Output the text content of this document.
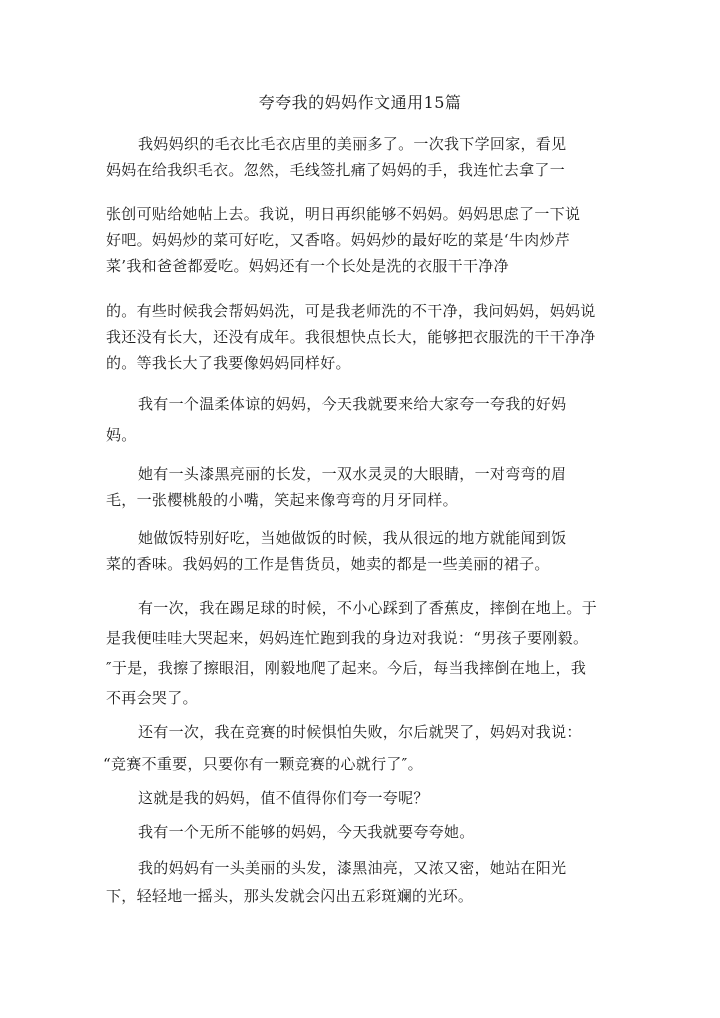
夸夸我的妈妈作文通用15篇
我妈妈织的毛衣比毛衣店里的美丽多了。一次我下学回家，看见
妈妈在给我织毛衣。忽然，毛线签扎痛了妈妈的手，我连忙去拿了一
张创可贴给她帖上去。我说，明日再织能够不妈妈。妈妈思虑了一下说
好吧。妈妈炒的菜可好吃，又香咯。妈妈炒的最好吃的菜是‘牛肉炒芹
菜’我和爸爸都爱吃。妈妈还有一个长处是洗的衣服干干净净
的。有些时候我会帮妈妈洗，可是我老师洗的不干净，我问妈妈，妈妈说
我还没有长大，还没有成年。我很想快点长大，能够把衣服洗的干干净净
的。等我长大了我要像妈妈同样好。
我有一个温柔体谅的妈妈，今天我就要来给大家夸一夸我的好妈
妈。
她有一头漆黑亮丽的长发，一双水灵灵的大眼睛，一对弯弯的眉
毛，一张樱桃般的小嘴，笑起来像弯弯的月牙同样。
她做饭特别好吃，当她做饭的时候，我从很远的地方就能闻到饭
菜的香味。我妈妈的工作是售货员，她卖的都是一些美丽的裙子。
有一次，我在踢足球的时候，不小心踩到了香蕉皮，摔倒在地上。于
是我便哇哇大哭起来，妈妈连忙跑到我的身边对我说：“男孩子要刚毅。
″于是，我擦了擦眼泪，刚毅地爬了起来。今后，每当我摔倒在地上，我
不再会哭了。
还有一次，我在竞赛的时候惧怕失败，尔后就哭了，妈妈对我说：
“竞赛不重要，只要你有一颗竞赛的心就行了″。
这就是我的妈妈，值不值得你们夸一夸呢？
我有一个无所不能够的妈妈，今天我就要夸夸她。
我的妈妈有一头美丽的头发，漆黑油亮，又浓又密，她站在阳光
下，轻轻地一摇头，那头发就会闪出五彩斑斓的光环。
